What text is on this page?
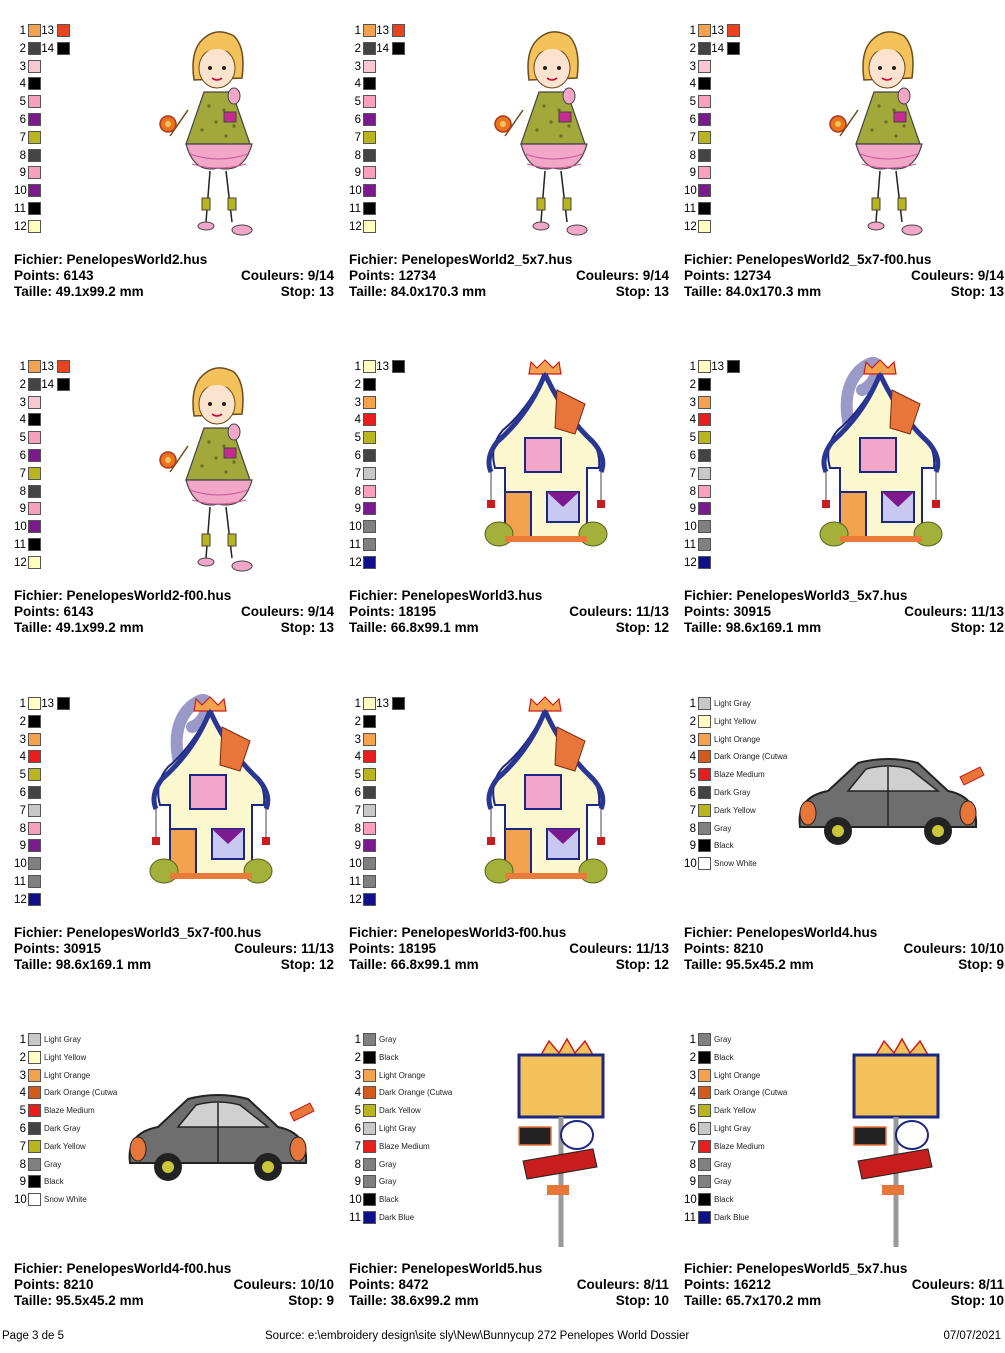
1 13
2 14
3
4
5
6
7
8
9
10
11
12
Fichier: PenelopesWorld2.hus
Points: 6143	Couleurs: 9/14
Taille: 49.1x99.2 mm	Stop: 13
1 13
2 14
3
4
5
6
7
8
9
10
11
12
Fichier: PenelopesWorld2_5x7.hus
Points: 12734	Couleurs: 9/14
Taille: 84.0x170.3 mm	Stop: 13
1 13
2 14
3
4
5
6
7
8
9
10
11
12
Fichier: PenelopesWorld2_5x7-f00.hus
Points: 12734	Couleurs: 9/14
Taille: 84.0x170.3 mm	Stop: 13
1 13
2 14
3
4
5
6
7
8
9
10
11
12
Fichier: PenelopesWorld2-f00.hus
Points: 6143	Couleurs: 9/14
Taille: 49.1x99.2 mm	Stop: 13
1 13
2
3
4
5
6
7
8
9
10
11
12
Fichier: PenelopesWorld3.hus
Points: 18195	Couleurs: 11/13
Taille: 66.8x99.1 mm	Stop: 12
1 13
2
3
4
5
6
7
8
9
10
11
12
Fichier: PenelopesWorld3_5x7.hus
Points: 30915	Couleurs: 11/13
Taille: 98.6x169.1 mm	Stop: 12
1 13
2
3
4
5
6
7
8
9
10
11
12
Fichier: PenelopesWorld3_5x7-f00.hus
Points: 30915	Couleurs: 11/13
Taille: 98.6x169.1 mm	Stop: 12
1 13
2
3
4
5
6
7
8
9
10
11
12
Fichier: PenelopesWorld3-f00.hus
Points: 18195	Couleurs: 11/13
Taille: 66.8x99.1 mm	Stop: 12
1 Light Gray
2 Light Yellow
3 Light Orange
4 Dark Orange (Cutwa
5 Blaze Medium
6 Dark Gray
7 Dark Yellow
8 Gray
9 Black
10 Snow White
Fichier: PenelopesWorld4.hus
Points: 8210	Couleurs: 10/10
Taille: 95.5x45.2 mm	Stop: 9
1 Light Gray
2 Light Yellow
3 Light Orange
4 Dark Orange (Cutwa
5 Blaze Medium
6 Dark Gray
7 Dark Yellow
8 Gray
9 Black
10 Snow White
Fichier: PenelopesWorld4-f00.hus
Points: 8210	Couleurs: 10/10
Taille: 95.5x45.2 mm	Stop: 9
1 Gray
2 Black
3 Light Orange
4 Dark Orange (Cutwa
5 Dark Yellow
6 Light Gray
7 Blaze Medium
8 Gray
9 Gray
10 Black
11 Dark Blue
Fichier: PenelopesWorld5.hus
Points: 8472	Couleurs: 8/11
Taille: 38.6x99.2 mm	Stop: 10
1 Gray
2 Black
3 Light Orange
4 Dark Orange (Cutwa
5 Dark Yellow
6 Light Gray
7 Blaze Medium
8 Gray
9 Gray
10 Black
11 Dark Blue
Fichier: PenelopesWorld5_5x7.hus
Points: 16212	Couleurs: 8/11
Taille: 65.7x170.2 mm	Stop: 10
Page 3 de 5	Source: e:\embroidery design\site sly\New\Bunnycup 272 Penelopes World Dossier	07/07/2021
